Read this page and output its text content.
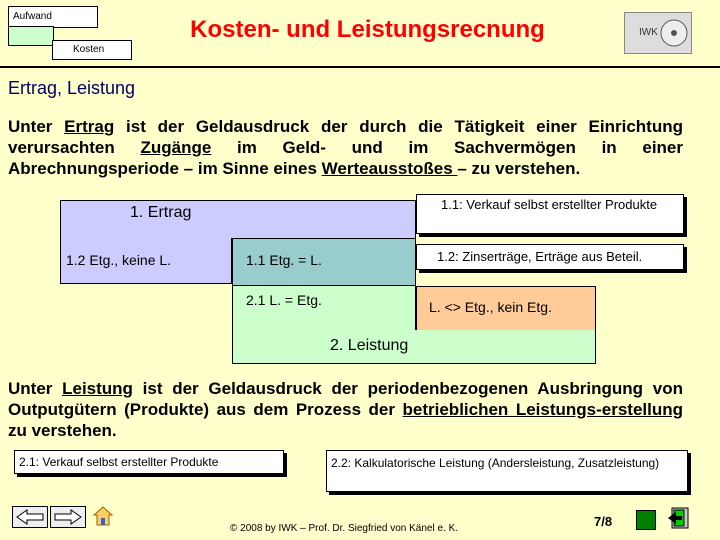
Aufwand
Kosten
Kosten- und Leistungsrecnung	IWK
Ertrag, Leistung
Unter Ertrag ist der Geldausdruck der durch die Tätigkeit einer Einrichtung verursachten Zugänge im Geld- und im Sachvermögen in einer Abrechnungsperiode – im Sinne eines Werteausstoßes – zu verstehen.
1. Ertrag
1.2 Etg., keine L.	1.1 Etg. = L.
2.1 L. = Etg.
2. Leistung
1.1: Verkauf selbst erstellter Produkte
1.2: Zinserträge, Erträge aus Beteil.
L. <> Etg., kein Etg.
Unter Leistung ist der Geldausdruck der periodenbezogenen Ausbringung von Outputgütern (Produkte) aus dem Prozess der betrieblichen Leistungs-erstellung zu verstehen.
2.1: Verkauf selbst erstellter Produkte	2.2: Kalkulatorische Leistung (Andersleistung, Zusatzleistung)
© 2008 by IWK – Prof. Dr. Siegfried von Känel e. K.	7/8
